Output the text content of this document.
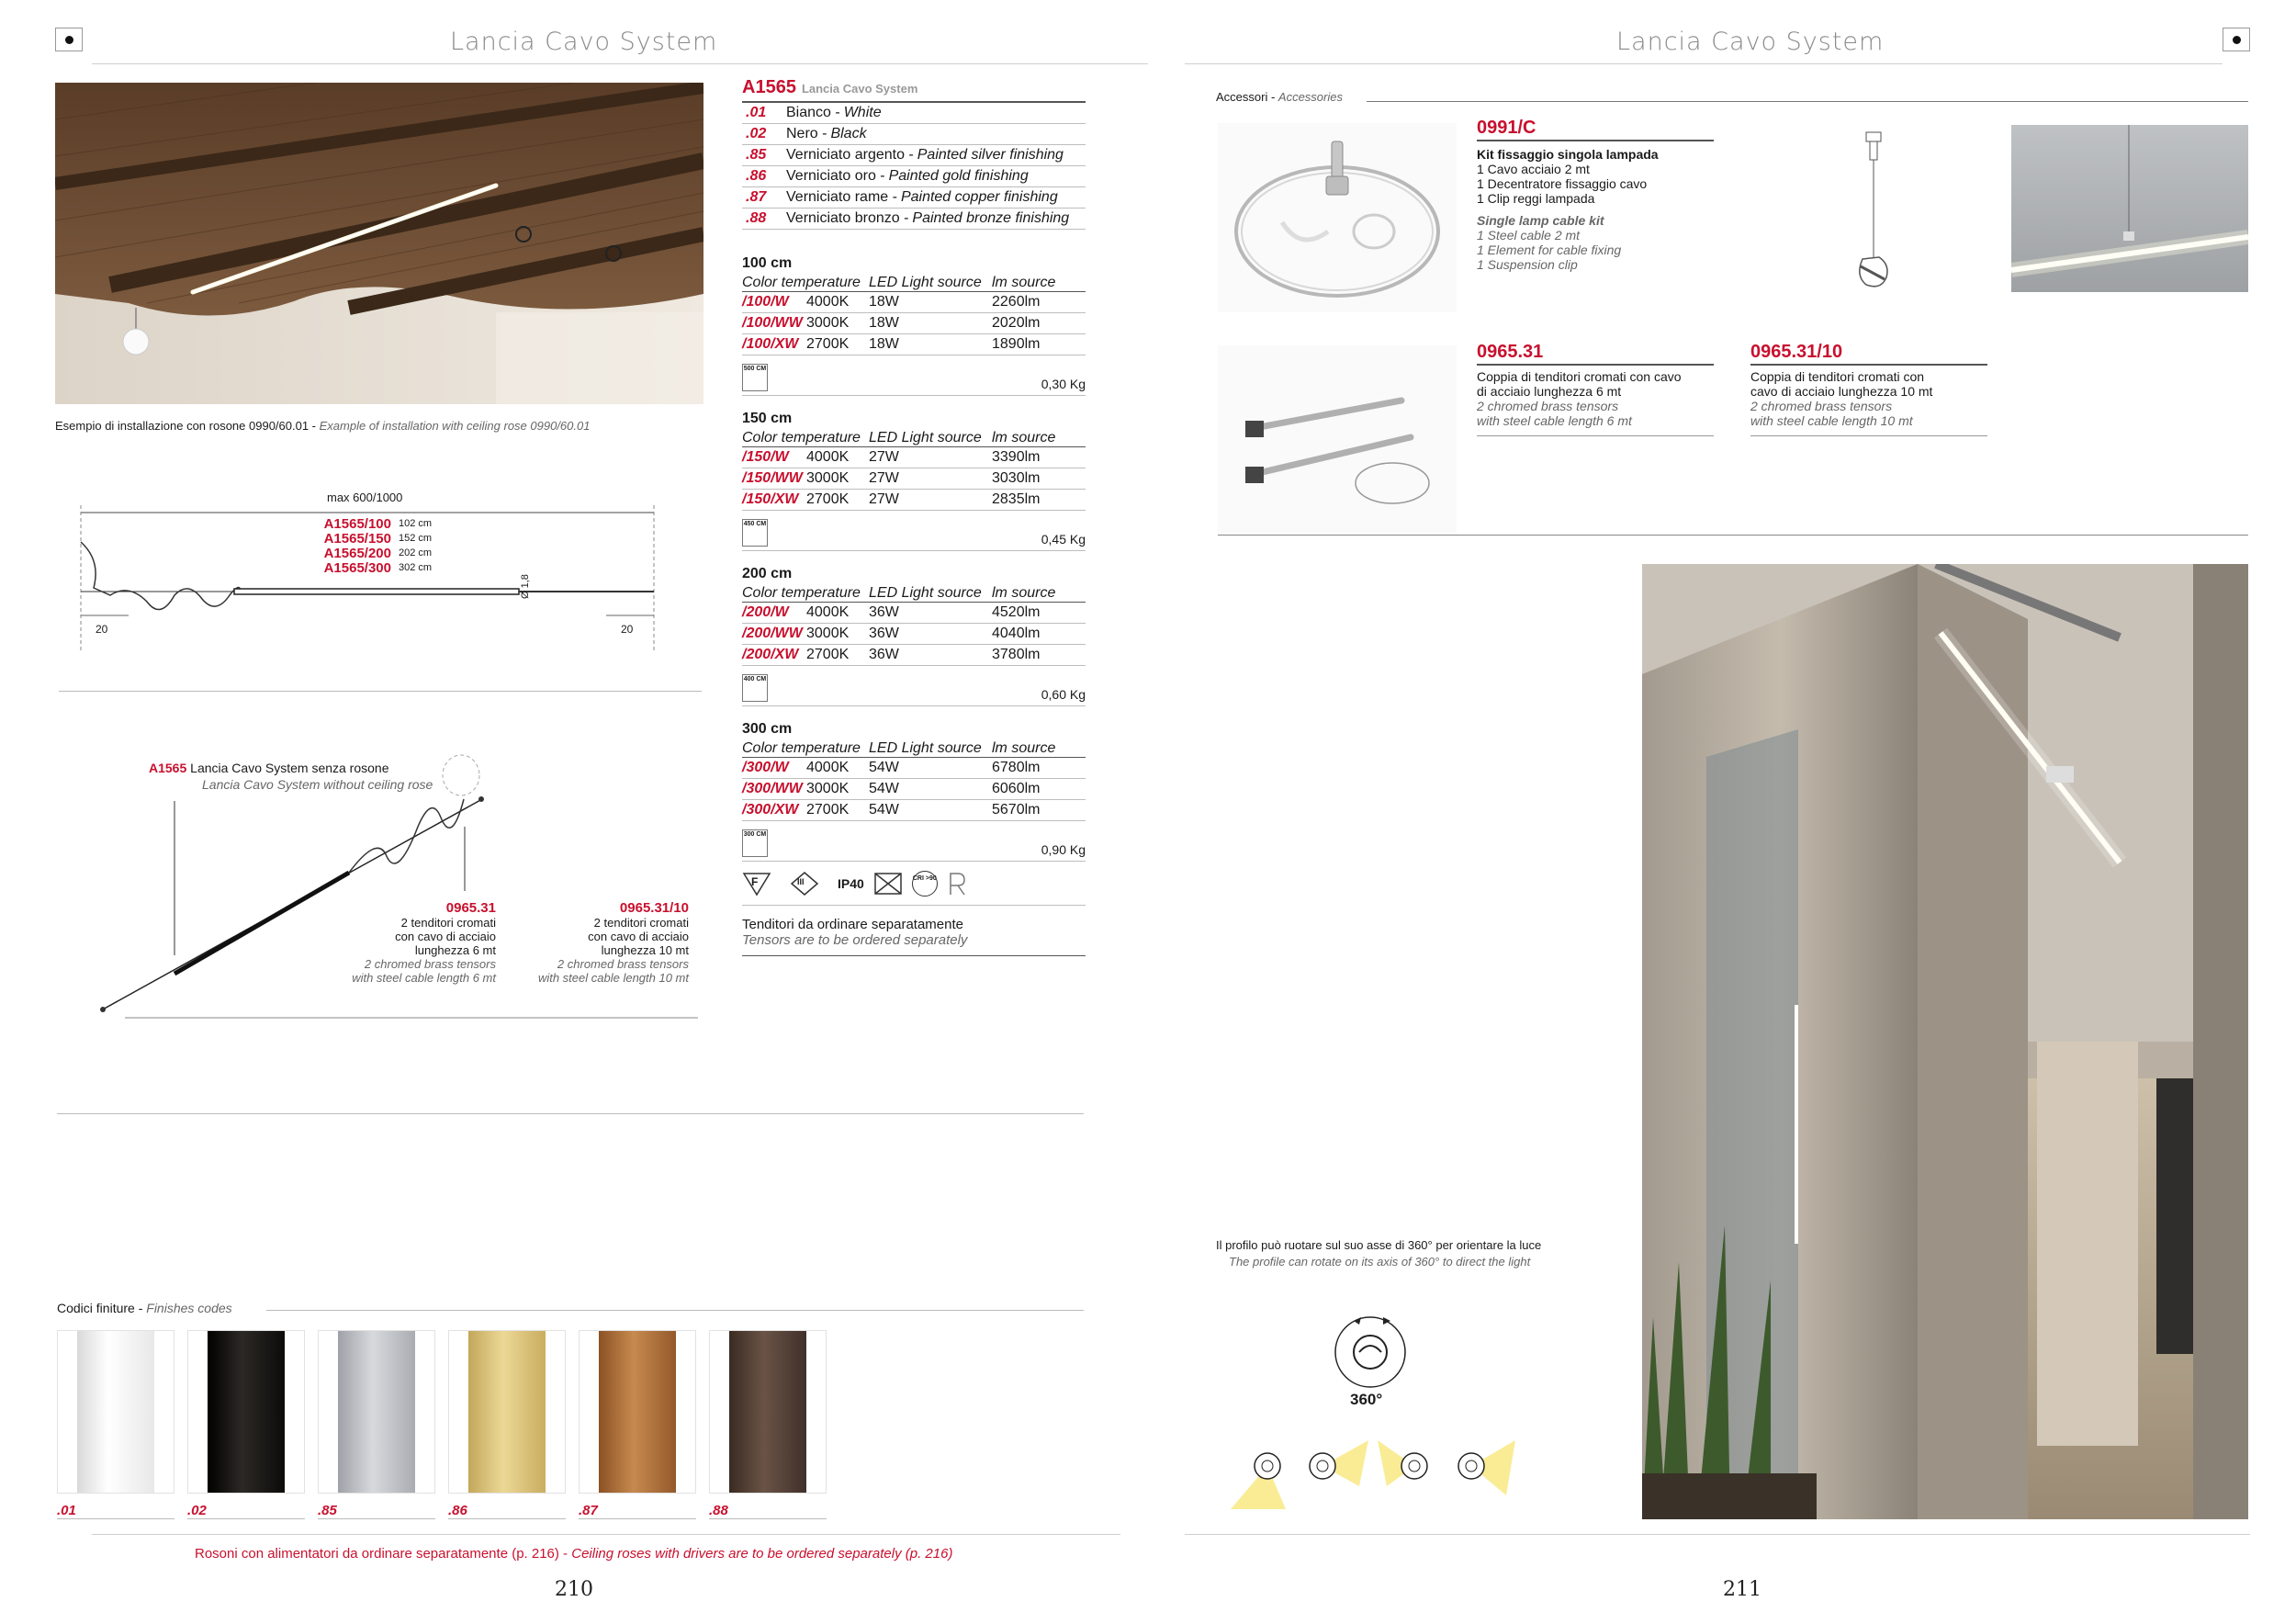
Lancia Cavo System
Esempio di installazione con rosone 0990/60.01 - Example of installation with ceiling rose 0990/60.01
max 600/1000
A1565/100 102 cm
A1565/150 152 cm
A1565/200 202 cm
A1565/300 302 cm
Ø 1,8
20	20
A1565 Lancia Cavo System senza rosone
Lancia Cavo System without ceiling rose
0965.31
2 tenditori cromati
con cavo di acciaio
lunghezza 6 mt
2 chromed brass tensors
with steel cable length 6 mt
0965.31/10
2 tenditori cromati
con cavo di acciaio
lunghezza 10 mt
2 chromed brass tensors
with steel cable length 10 mt
Codici finiture - Finishes codes
.01	.02	.85	.86	.87	.88
Rosoni con alimentatori da ordinare separatamente (p. 216) - Ceiling roses with drivers are to be ordered separately (p. 216)
210
A1565 Lancia Cavo System
.01	Bianco - White
.02	Nero - Black
.85	Verniciato argento - Painted silver finishing
.86	Verniciato oro - Painted gold finishing
.87	Verniciato rame - Painted copper finishing
.88	Verniciato bronzo - Painted bronze finishing
100 cm
Color temperature LED Light source lm source
/100/W	4000K	18W	2260lm
/100/WW 3000K	18W	2020lm
/100/XW 2700K	18W	1890lm
500 CM
0,30 Kg
150 cm
Color temperature LED Light source lm source
/150/W	4000K	27W	3390lm
/150/WW 3000K	27W	3030lm
/150/XW 2700K	27W	2835lm
450 CM
0,45 Kg
200 cm
Color temperature LED Light source lm source
/200/W	4000K	36W	4520lm
/200/WW 3000K	36W	4040lm
/200/XW 2700K	36W	3780lm
400 CM
0,60 Kg
300 cm
Color temperature LED Light source lm source
/300/W	4000K	54W	6780lm
/300/WW 3000K	54W	6060lm
/300/XW 2700K	54W	5670lm
300 CM
0,90 Kg
F	III	IP40	CRI >90
Tenditori da ordinare separatamente
Tensors are to be ordered separately
Lancia Cavo System
Accessori - Accessories
0991/C
Kit fissaggio singola lampada
1 Cavo acciaio 2 mt
1 Decentratore fissaggio cavo
1 Clip reggi lampada
Single lamp cable kit
1 Steel cable 2 mt
1 Element for cable fixing
1 Suspension clip
0965.31
Coppia di tenditori cromati con cavo
di acciaio lunghezza 6 mt
2 chromed brass tensors
with steel cable length 6 mt
0965.31/10
Coppia di tenditori cromati con
cavo di acciaio lunghezza 10 mt
2 chromed brass tensors
with steel cable length 10 mt
Il profilo può ruotare sul suo asse di 360° per orientare la luce
The profile can rotate on its axis of 360° to direct the light
360°
211
